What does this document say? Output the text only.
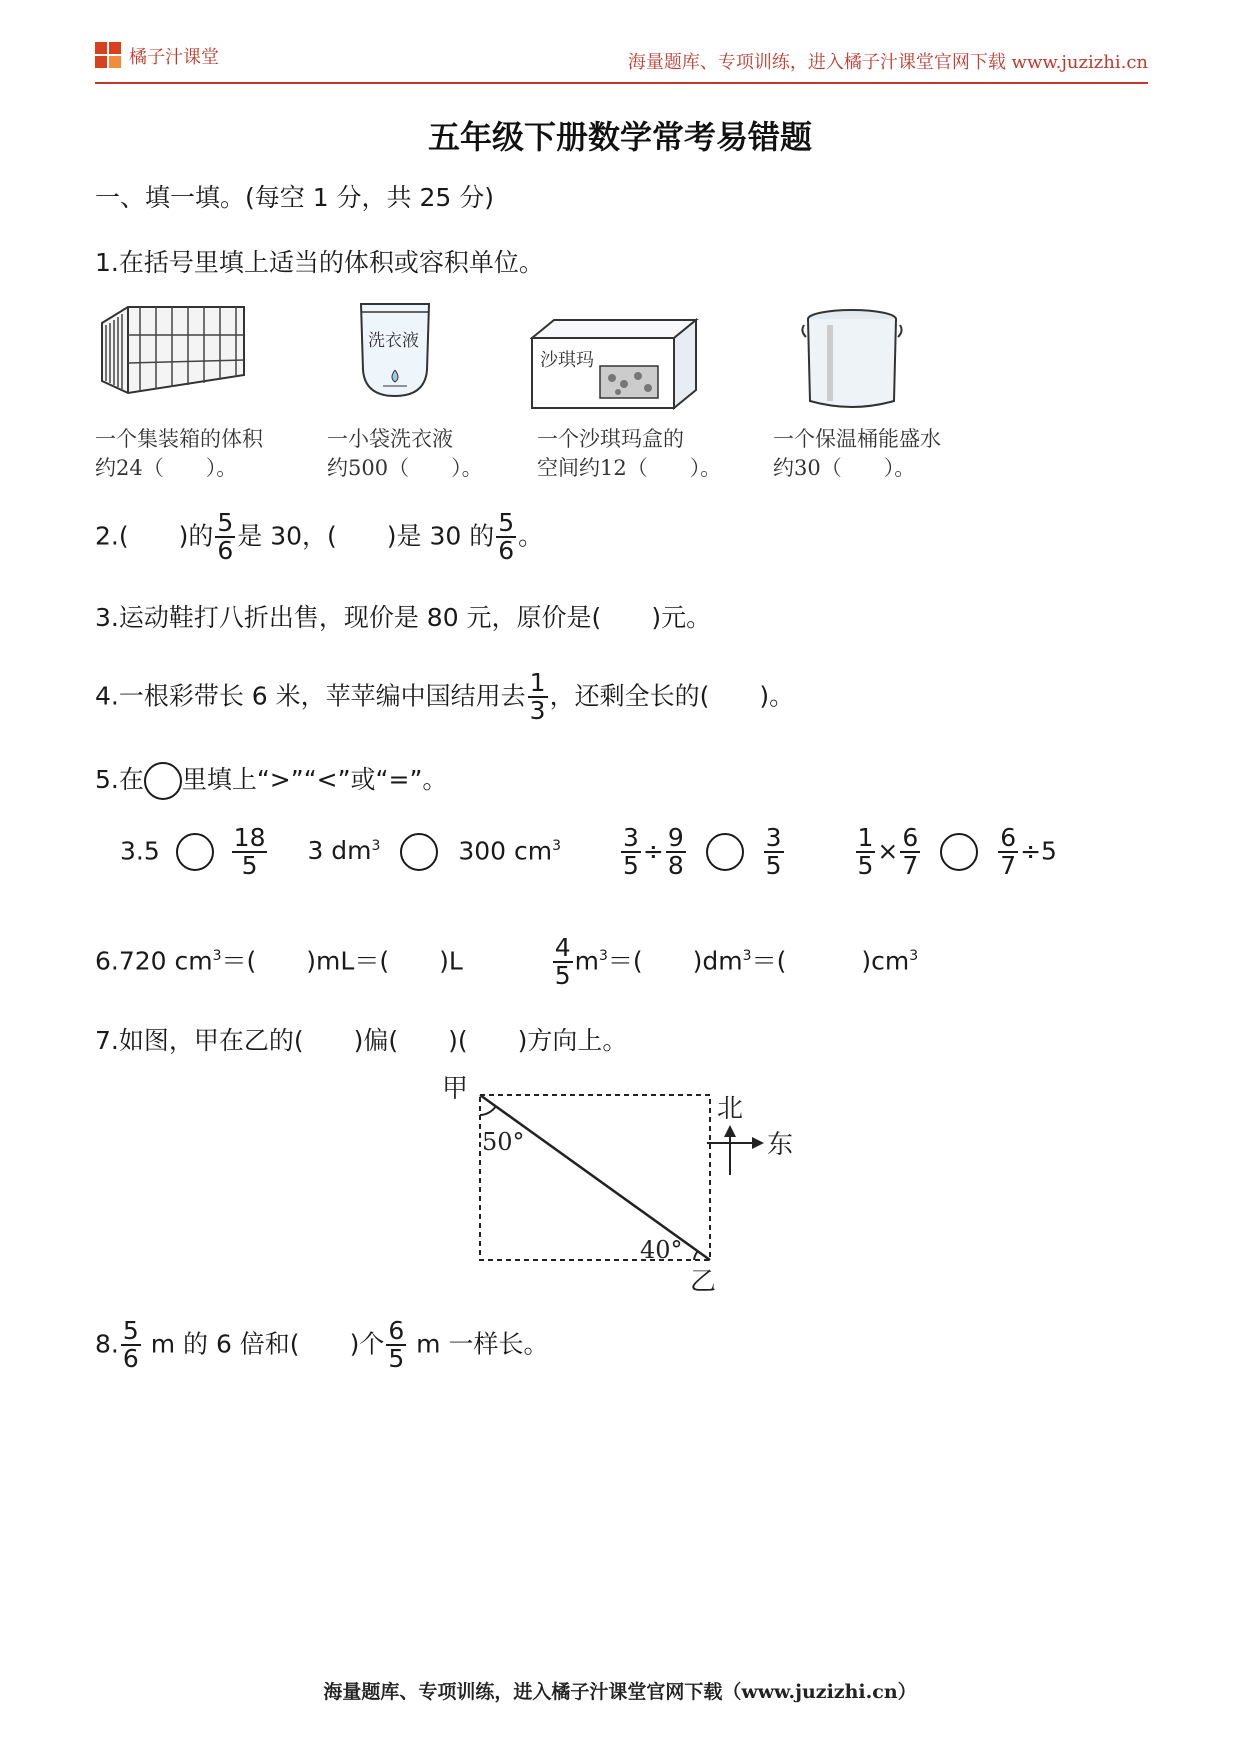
橘子汁课堂	海量题库、专项训练，进入橘子汁课堂官网下载 www.juzizhi.cn
五年级下册数学常考易错题
一、填一填。(每空 1 分，共 25 分)
1.在括号里填上适当的体积或容积单位。
洗衣液
沙琪玛
一个集装箱的体积
约24（　　）。
一小袋洗衣液
约500（　　）。
一个沙琪玛盒的
空间约12（　　）。
一个保温桶能盛水
约30（　　）。
2.(　　)的 $\frac{5}{6}$ 是 30，(　　)是 30 的 $\frac{5}{6}$ 。
3.运动鞋打八折出售，现价是 80 元，原价是(　　)元。
4.一根彩带长 6 米，苹苹编中国结用去 $\frac{1}{3}$ ，还剩全长的(　　)。
5.在 里填上“>”“<”或“=”。
3.5	$\frac{18}{5} 3$ $dm^3$	300 $cm^3 \frac{3}{5} \div \frac{9}{8}$
	$\frac{3}{5}$
	$\frac{1}{5} \times \frac{6}{7}$
	$\frac{6}{7} \div 5$
6.720 $cm^3=$(　　)mL＝(　　)L	$\frac{4}{5} m^3=$(　　)$dm^3=$(　　　)$cm^3$
7.如图，甲在乙的(　　)偏(　　)(　　)方向上。
甲
50°
40°
乙
北
东
8. $\frac{5}{6}$ m 的 6 倍和(　　)个 $\frac{6}{5}$ m 一样长。
海量题库、专项训练，进入橘子汁课堂官网下载（www.juzizhi.cn）
